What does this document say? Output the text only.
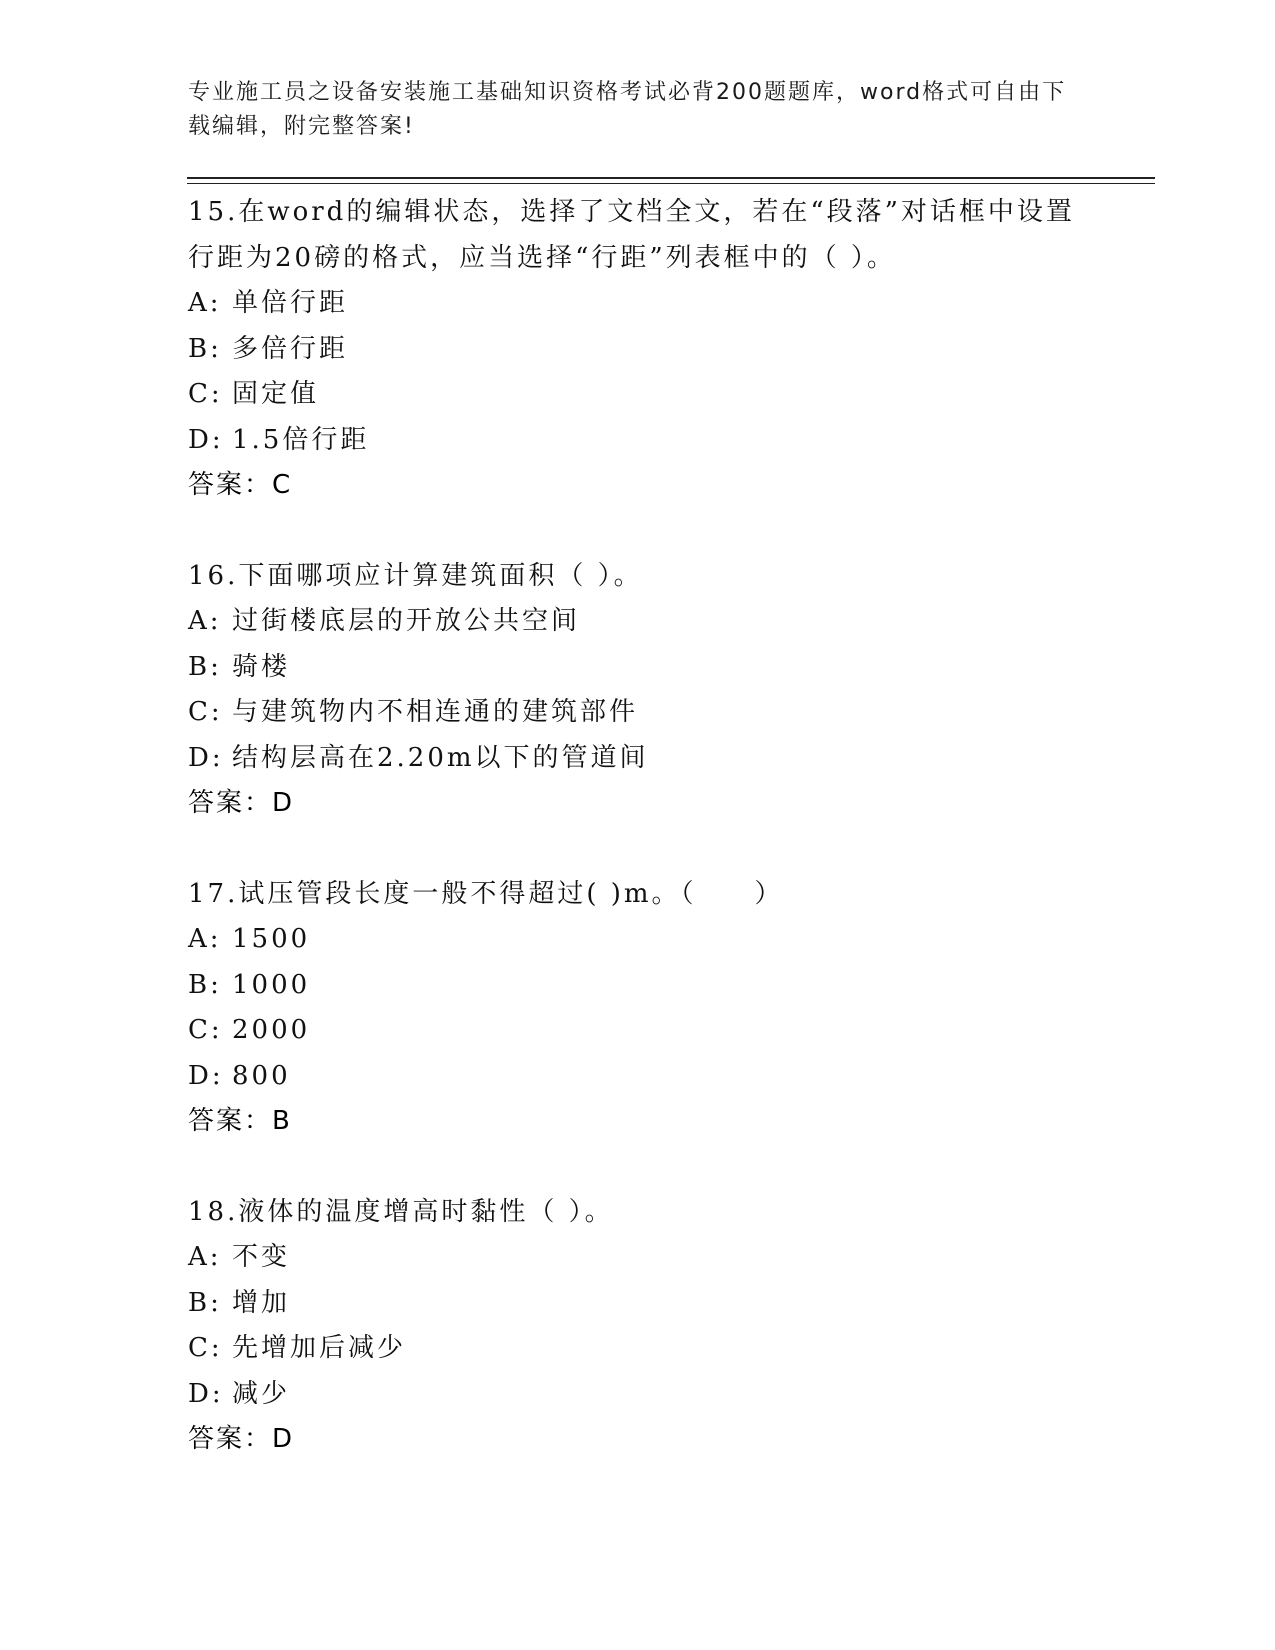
专业施工员之设备安装施工基础知识资格考试必背200题题库，word格式可自由下载编辑，附完整答案!
15.在word的编辑状态，选择了文档全文，若在“段落”对话框中设置行距为20磅的格式，应当选择“行距”列表框中的（ ）。
A: 单倍行距
B: 多倍行距
C: 固定值
D: 1.5倍行距
答案：C
16.下面哪项应计算建筑面积（ ）。
A: 过街楼底层的开放公共空间
B: 骑楼
C: 与建筑物内不相连通的建筑部件
D: 结构层高在2.20m以下的管道间
答案：D
17.试压管段长度一般不得超过( )m。（　　）
A: 1500
B: 1000
C: 2000
D: 800
答案：B
18.液体的温度增高时黏性（ ）。
A: 不变
B: 增加
C: 先增加后减少
D: 减少
答案：D
